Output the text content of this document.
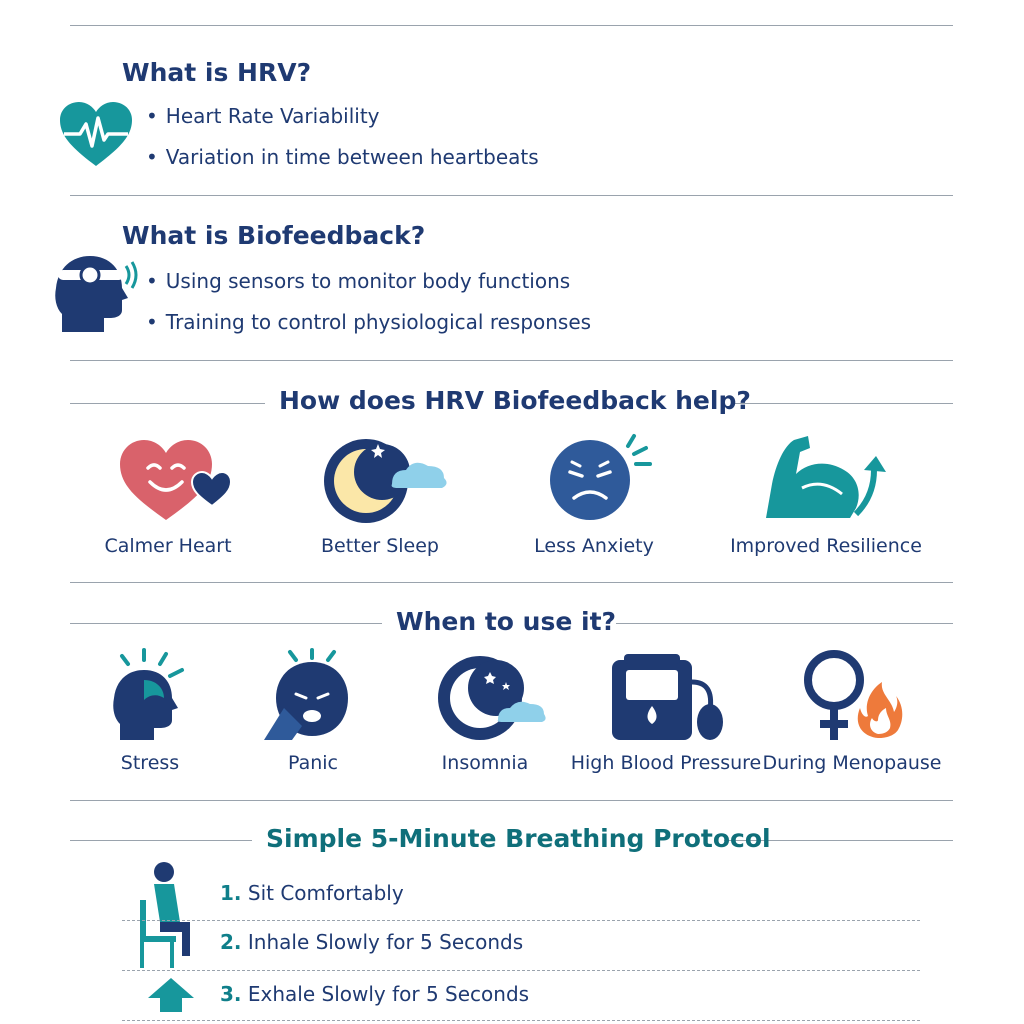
What is HRV?
• Heart Rate Variability
• Variation in time between heartbeats
What is Biofeedback?
• Using sensors to monitor body functions
• Training to control physiological responses
How does HRV Biofeedback help?
Calmer Heart	Better Sleep	Less Anxiety	Improved Resilience
When to use it?
Stress	Panic	Insomnia High Blood Pressure During Menopause
Simple 5-Minute Breathing Protocol
1. Sit Comfortably
2. Inhale Slowly for 5 Seconds
3. Exhale Slowly for 5 Seconds
